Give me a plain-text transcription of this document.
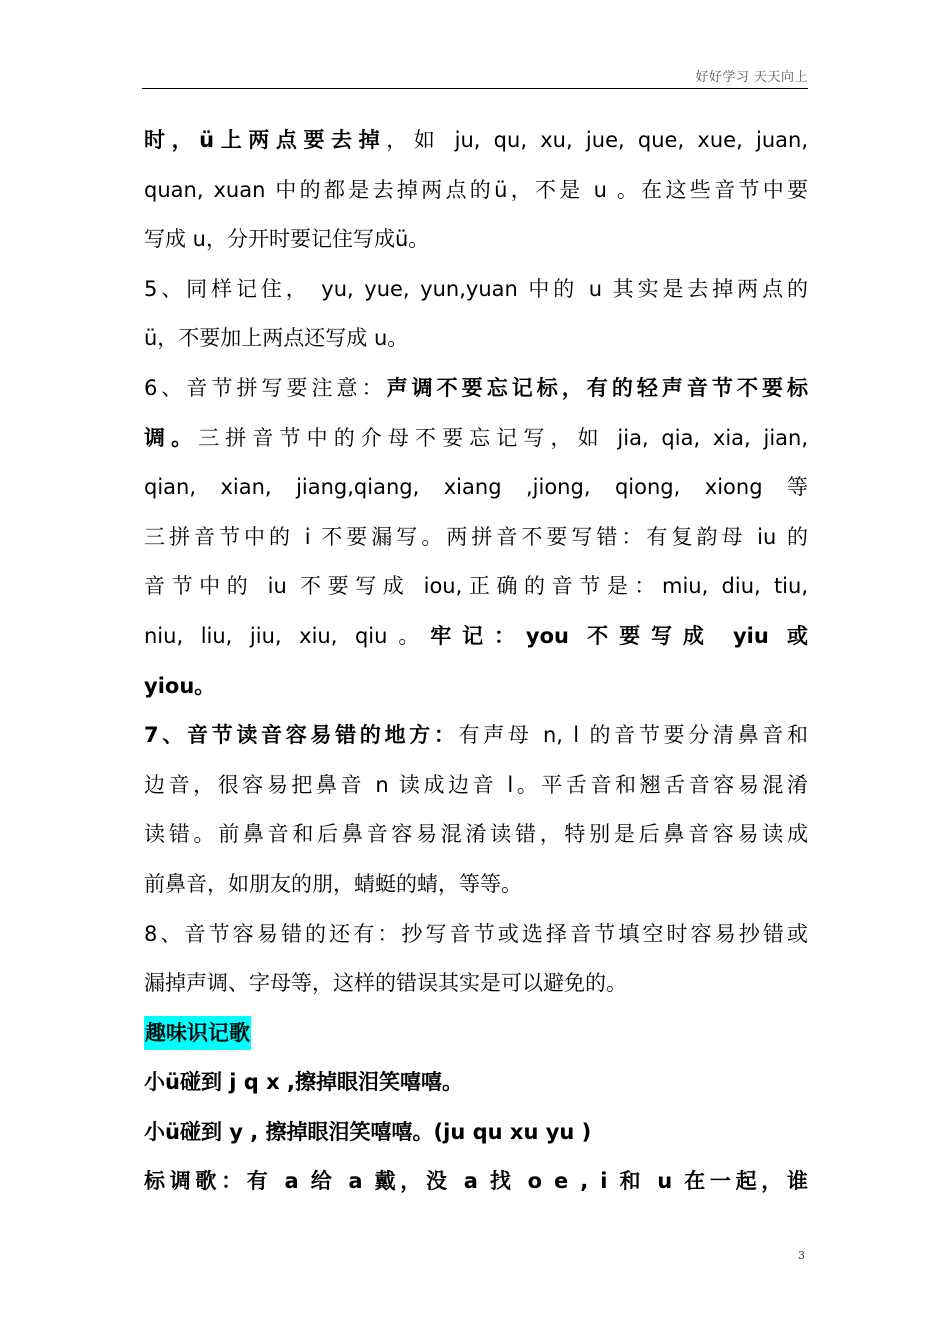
好好学习 天天向上
时，ü上两点要去掉，如 ju, qu, xu, jue, que, xue, juan,
quan, xuan 中的都是去掉两点的ü，不是 u 。在这些音节中要
写成 u，分开时要记住写成ü。
5、同样记住， yu, yue, yun,yuan 中的 u 其实是去掉两点的
ü，不要加上两点还写成 u。
6、音节拼写要注意：声调不要忘记标，有的轻声音节不要标
调。三拼音节中的介母不要忘记写，如 jia, qia, xia, jian,
qian, xian, jiang,qiang, xiang ,jiong, qiong, xiong 等
三拼音节中的 i 不要漏写。两拼音不要写错：有复韵母 iu 的
音节中的 iu 不要写成 iou,正确的音节是：miu, diu, tiu,
niu, liu, jiu, xiu, qiu。牢记：you 不要写成 yiu 或
yiou。
7、音节读音容易错的地方：有声母 n, l 的音节要分清鼻音和
边音，很容易把鼻音 n 读成边音 l。平舌音和翘舌音容易混淆
读错。前鼻音和后鼻音容易混淆读错，特别是后鼻音容易读成
前鼻音，如朋友的朋，蜻蜓的蜻，等等。
8、音节容易错的还有：抄写音节或选择音节填空时容易抄错或
漏掉声调、字母等，这样的错误其实是可以避免的。
趣味识记歌
小ü碰到 j q x ,擦掉眼泪笑嘻嘻。
小ü碰到 y , 擦掉眼泪笑嘻嘻。(ju qu xu yu )
标调歌：有 a 给 a 戴，没 a 找 o e , i 和 u 在一起，谁
3
